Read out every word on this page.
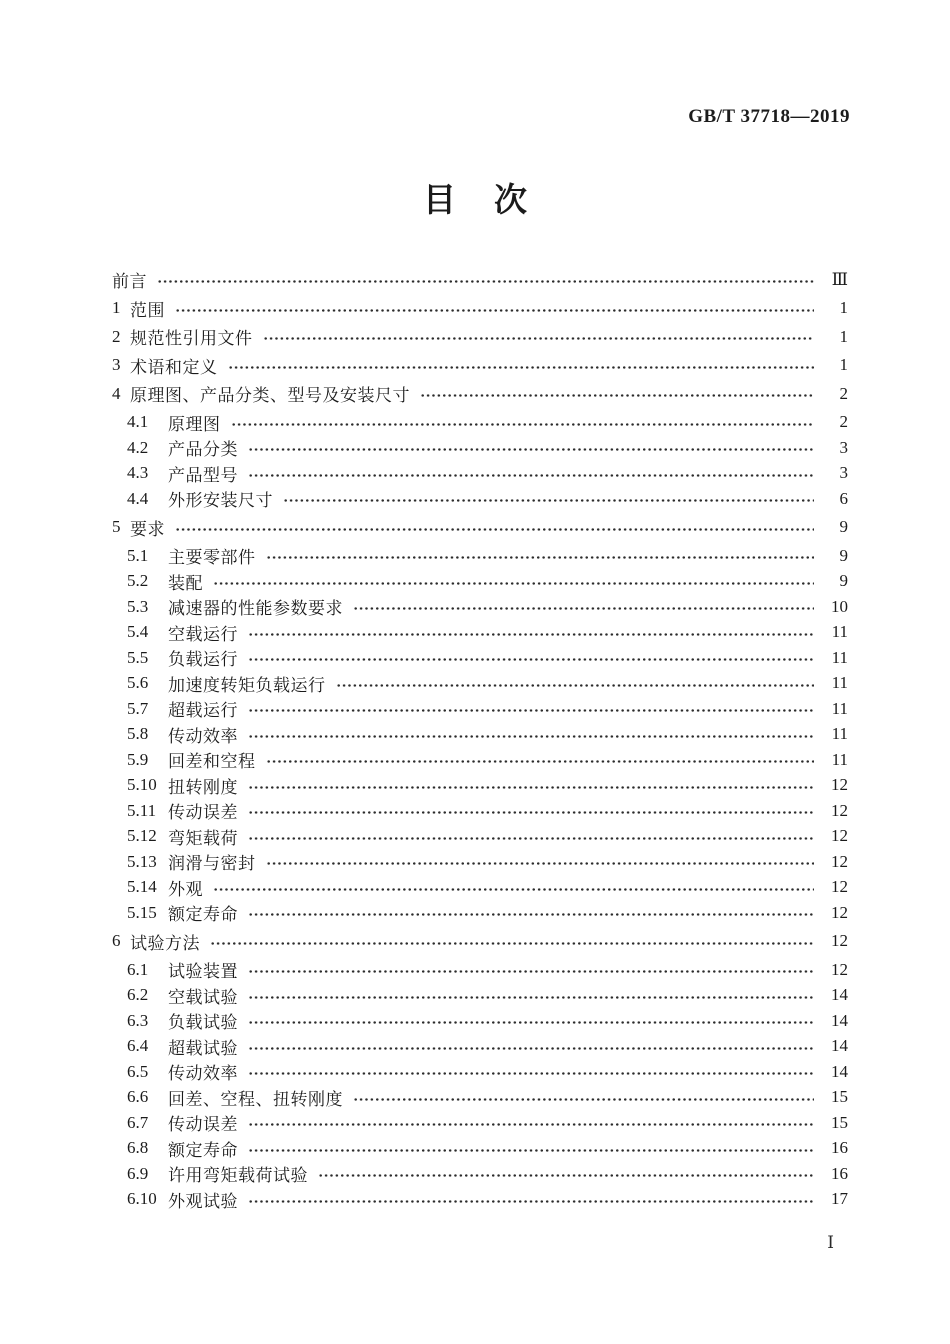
GB/T 37718—2019
目次
前言	Ⅲ
1 范围	1
2 规范性引用文件	1
3 术语和定义	1
4 原理图、产品分类、型号及安装尺寸	2
4.1	原理图	2
4.2	产品分类	3
4.3	产品型号	3
4.4	外形安装尺寸	6
5 要求	9
5.1	主要零部件	9
5.2	装配	9
5.3	减速器的性能参数要求	10
5.4	空载运行	11
5.5	负载运行	11
5.6	加速度转矩负载运行	11
5.7	超载运行	11
5.8	传动效率	11
5.9	回差和空程	11
5.10 扭转刚度	12
5.11 传动误差	12
5.12 弯矩载荷	12
5.13 润滑与密封	12
5.14 外观	12
5.15 额定寿命	12
6 试验方法	12
6.1	试验装置	12
6.2	空载试验	14
6.3	负载试验	14
6.4	超载试验	14
6.5	传动效率	14
6.6	回差、空程、扭转刚度	15
6.7	传动误差	15
6.8	额定寿命	16
6.9	许用弯矩载荷试验	16
6.10 外观试验	17
Ⅰ
